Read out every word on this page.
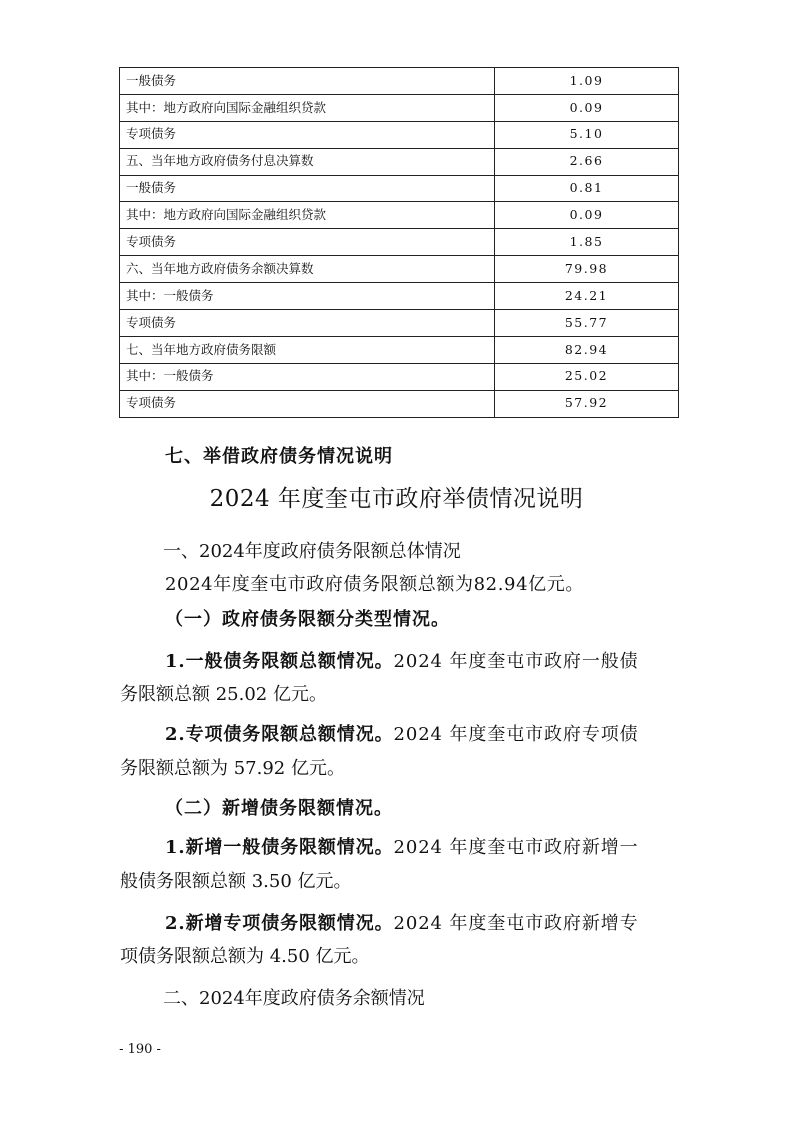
一般债务	1.09
其中：地方政府向国际金融组织贷款	0.09
专项债务	5.10
五、当年地方政府债务付息决算数	2.66
一般债务	0.81
其中：地方政府向国际金融组织贷款	0.09
专项债务	1.85
六、当年地方政府债务余额决算数	79.98
其中：一般债务	24.21
专项债务	55.77
七、当年地方政府债务限额	82.94
其中：一般债务	25.02
专项债务	57.92
七、举借政府债务情况说明
2024 年度奎屯市政府举债情况说明
一、2024年度政府债务限额总体情况
2024年度奎屯市政府债务限额总额为82.94亿元。
（一）政府债务限额分类型情况。
1.一般债务限额总额情况。2024 年度奎屯市政府一般债
务限额总额 25.02 亿元。
2.专项债务限额总额情况。2024 年度奎屯市政府专项债
务限额总额为 57.92 亿元。
（二）新增债务限额情况。
1.新增一般债务限额情况。2024 年度奎屯市政府新增一
般债务限额总额 3.50 亿元。
2.新增专项债务限额情况。2024 年度奎屯市政府新增专
项债务限额总额为 4.50 亿元。
二、2024年度政府债务余额情况
- 190 -
